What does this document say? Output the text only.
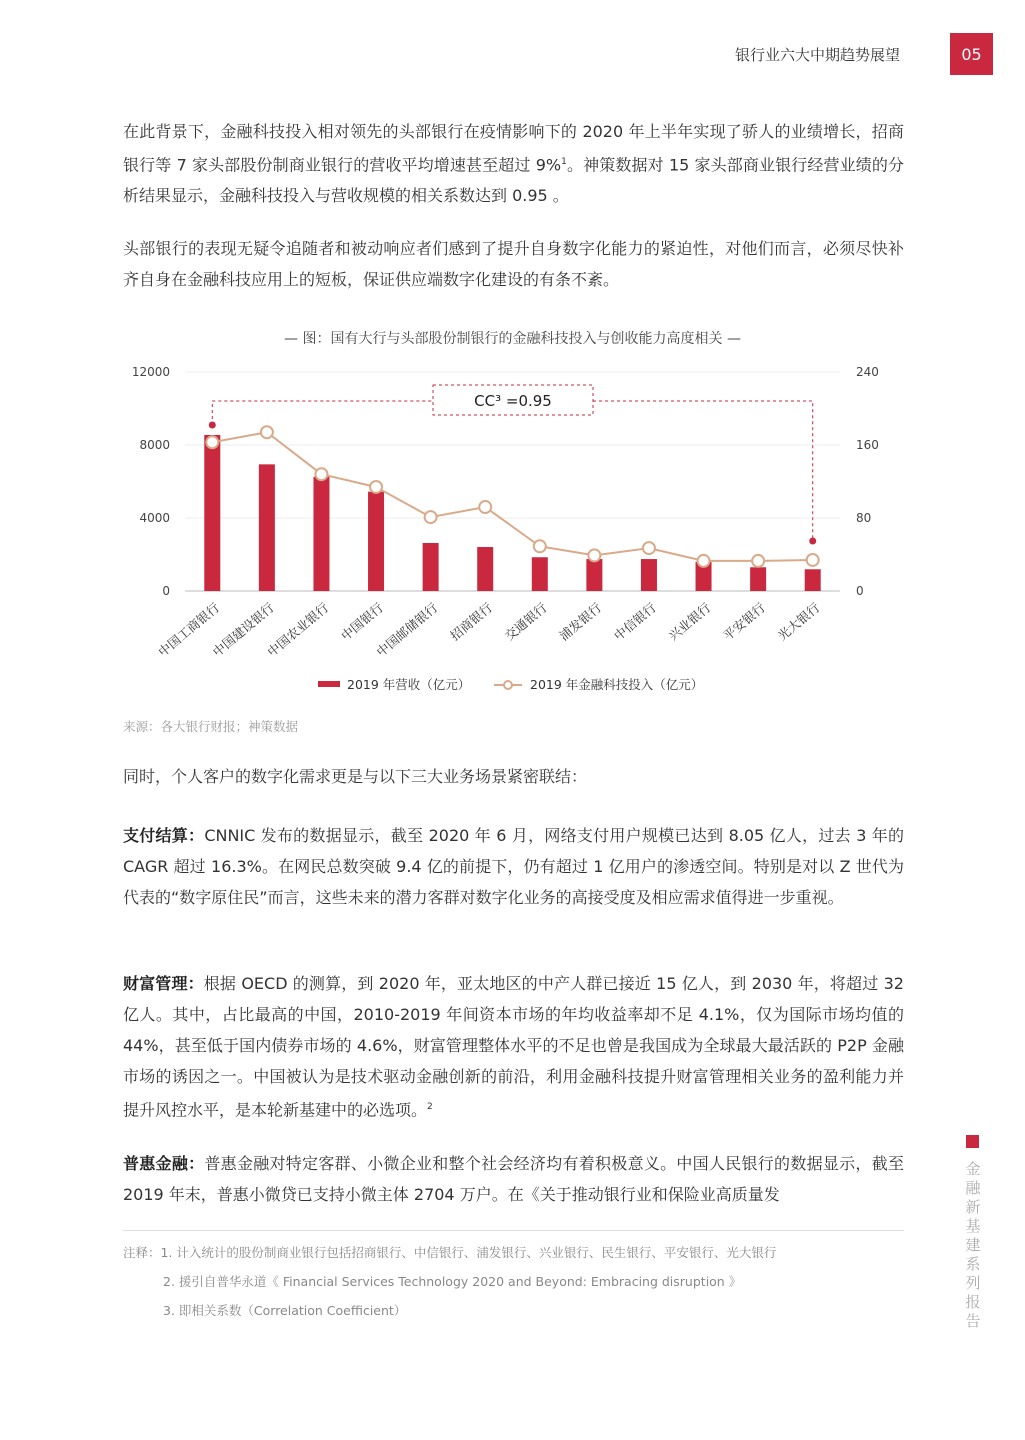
银行业六大中期趋势展望	05
在此背景下，金融科技投入相对领先的头部银行在疫情影响下的 2020 年上半年实现了骄人的业绩增长，招商银行等 7 家头部股份制商业银行的营收平均增速甚至超过 9%$^1$。神策数据对 15 家头部商业银行经营业绩的分析结果显示，金融科技投入与营收规模的相关系数达到 0.95 。
头部银行的表现无疑令追随者和被动响应者们感到了提升自身数字化能力的紧迫性，对他们而言，必须尽快补齐自身在金融科技应用上的短板，保证供应端数字化建设的有条不紊。
— 图：国有大行与头部股份制银行的金融科技投入与创收能力高度相关 —
0
4000
8000
12000
0
80
160
240
中国工商银行
中国建设银行
中国农业银行 中国银行
中国邮储银行 招商银行 交通银行 浦发银行 中信银行 兴业银行 平安银行 光大银行
CC³ =0.95
2019 年营收（亿元）	2019 年金融科技投入（亿元）
来源：各大银行财报；神策数据
同时，个人客户的数字化需求更是与以下三大业务场景紧密联结：
支付结算：CNNIC 发布的数据显示，截至 2020 年 6 月，网络支付用户规模已达到 8.05 亿人，过去 3 年的 CAGR 超过 16.3%。在网民总数突破 9.4 亿的前提下，仍有超过 1 亿用户的渗透空间。特别是对以 Z 世代为代表的“数字原住民”而言，这些未来的潜力客群对数字化业务的高接受度及相应需求值得进一步重视。
财富管理：根据 OECD 的测算，到 2020 年，亚太地区的中产人群已接近 15 亿人，到 2030 年，将超过 32 亿人。其中，占比最高的中国，2010-2019 年间资本市场的年均收益率却不足 4.1%，仅为国际市场均值的 44%，甚至低于国内债券市场的 4.6%，财富管理整体水平的不足也曾是我国成为全球最大最活跃的 P2P 金融市场的诱因之一。中国被认为是技术驱动金融创新的前沿，利用金融科技提升财富管理相关业务的盈利能力并提升风控水平，是本轮新基建中的必选项。$^2$
普惠金融：普惠金融对特定客群、小微企业和整个社会经济均有着积极意义。中国人民银行的数据显示，截至 2019 年末，普惠小微贷已支持小微主体 2704 万户。在《关于推动银行业和保险业高质量发
注释：1. 计入统计的股份制商业银行包括招商银行、中信银行、浦发银行、兴业银行、民生银行、平安银行、光大银行
2. 援引自普华永道《 Financial Services Technology 2020 and Beyond: Embracing disruption 》
3. 即相关系数（Correlation Coefficient）
金融新基建系列报告
